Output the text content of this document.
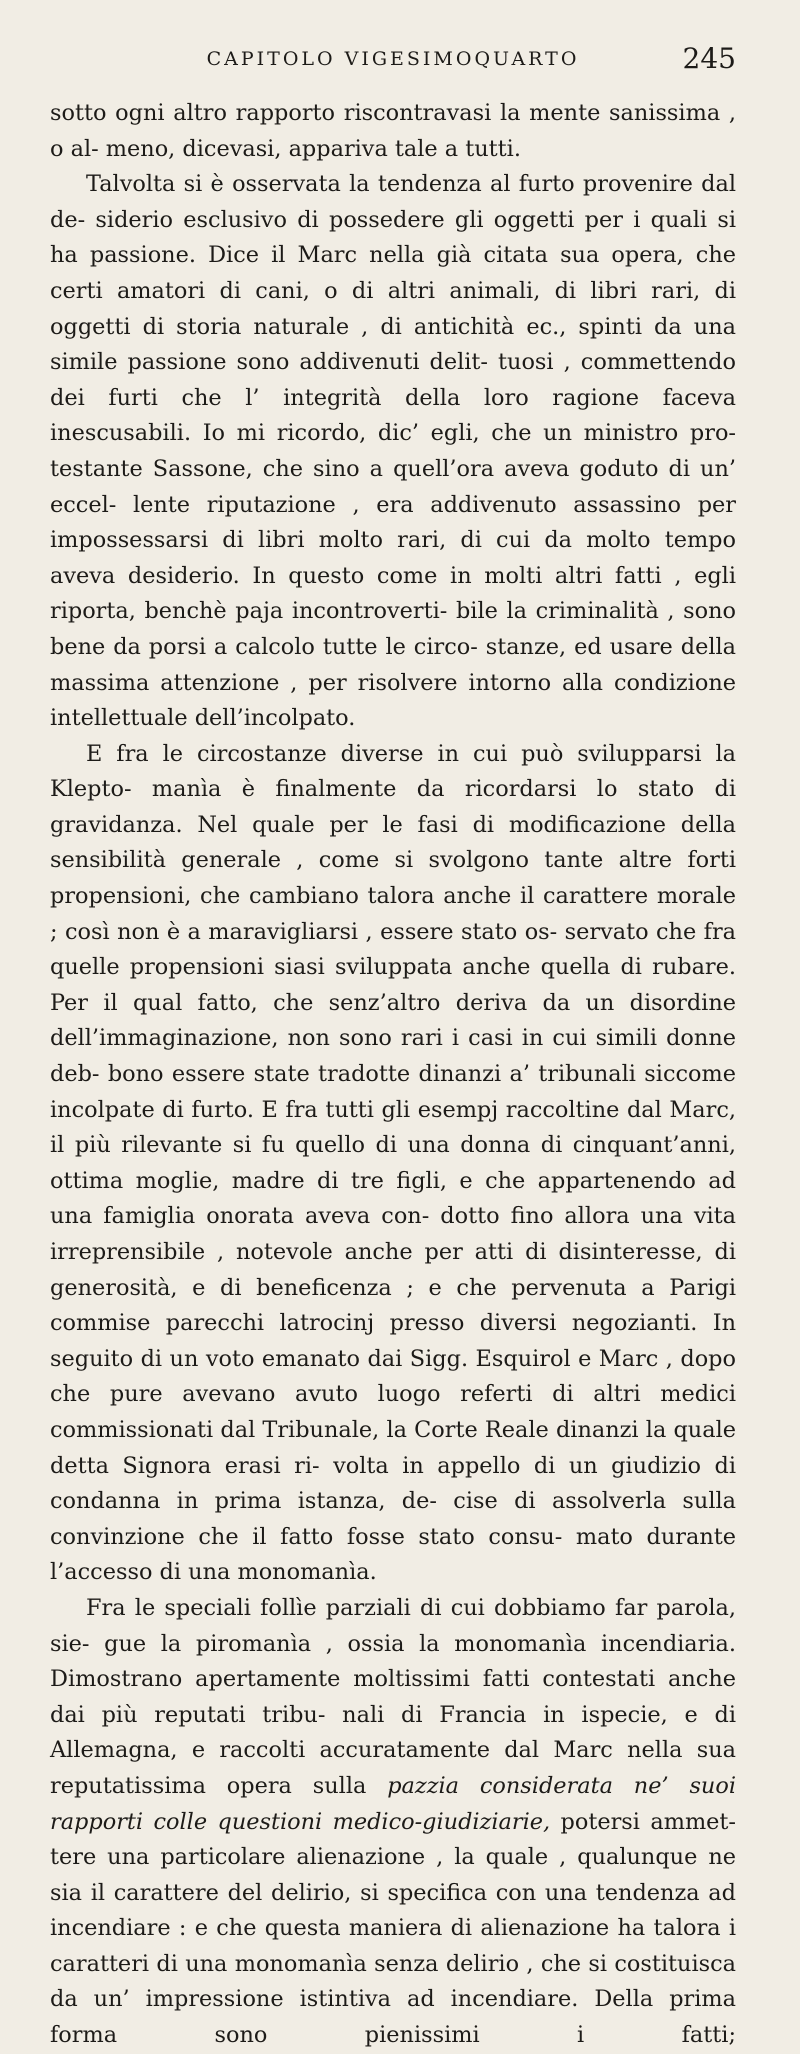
CAPITOLO VIGESIMOQUARTO	245

sotto ogni altro rapporto riscontravasi la mente sanissima , o al- meno, dicevasi, appariva tale a tutti.

Talvolta si è osservata la tendenza al furto provenire dal de- siderio esclusivo di possedere gli oggetti per i quali si ha passione. Dice il Marc nella già citata sua opera, che certi amatori di cani, o di altri animali, di libri rari, di oggetti di storia naturale , di antichità ec., spinti da una simile passione sono addivenuti delit- tuosi , commettendo dei furti che l’ integrità della loro ragione faceva inescusabili. Io mi ricordo, dic’ egli, che un ministro pro- testante Sassone, che sino a quell’ora aveva goduto di un’ eccel- lente riputazione , era addivenuto assassino per impossessarsi di libri molto rari, di cui da molto tempo aveva desiderio. In questo come in molti altri fatti , egli riporta, benchè paja incontroverti- bile la criminalità , sono bene da porsi a calcolo tutte le circo- stanze, ed usare della massima attenzione , per risolvere intorno alla condizione intellettuale dell’incolpato.

E fra le circostanze diverse in cui può svilupparsi la Klepto- manìa è finalmente da ricordarsi lo stato di gravidanza. Nel quale per le fasi di modificazione della sensibilità generale , come si svolgono tante altre forti propensioni, che cambiano talora anche il carattere morale ; così non è a maravigliarsi , essere stato os- servato che fra quelle propensioni siasi sviluppata anche quella di rubare. Per il qual fatto, che senz’altro deriva da un disordine dell’immaginazione, non sono rari i casi in cui simili donne deb- bono essere state tradotte dinanzi a’ tribunali siccome incolpate di furto. E fra tutti gli esempj raccoltine dal Marc, il più rilevante si fu quello di una donna di cinquant’anni, ottima moglie, madre di tre figli, e che appartenendo ad una famiglia onorata aveva con- dotto fino allora una vita irreprensibile , notevole anche per atti di disinteresse, di generosità, e di beneficenza ; e che pervenuta a Parigi commise parecchi latrocinj presso diversi negozianti. In seguito di un voto emanato dai Sigg. Esquirol e Marc , dopo che pure avevano avuto luogo referti di altri medici commissionati dal Tribunale, la Corte Reale dinanzi la quale detta Signora erasi ri- volta in appello di un giudizio di condanna in prima istanza, de- cise di assolverla sulla convinzione che il fatto fosse stato consu- mato durante l’accesso di una monomanìa.

Fra le speciali follìe parziali di cui dobbiamo far parola, sie- gue la piromanìa , ossia la monomanìa incendiaria. Dimostrano apertamente moltissimi fatti contestati anche dai più reputati tribu- nali di Francia in ispecie, e di Allemagna, e raccolti accuratamente dal Marc nella sua reputatissima opera sulla pazzia considerata ne’ suoi rapporti colle questioni medico-giudiziarie, potersi ammet- tere una particolare alienazione , la quale , qualunque ne sia il carattere del delirio, si specifica con una tendenza ad incendiare : e che questa maniera di alienazione ha talora i caratteri di una monomanìa senza delirio , che si costituisca da un’ impressione istintiva ad incendiare. Della prima forma sono pienissimi i fatti;
